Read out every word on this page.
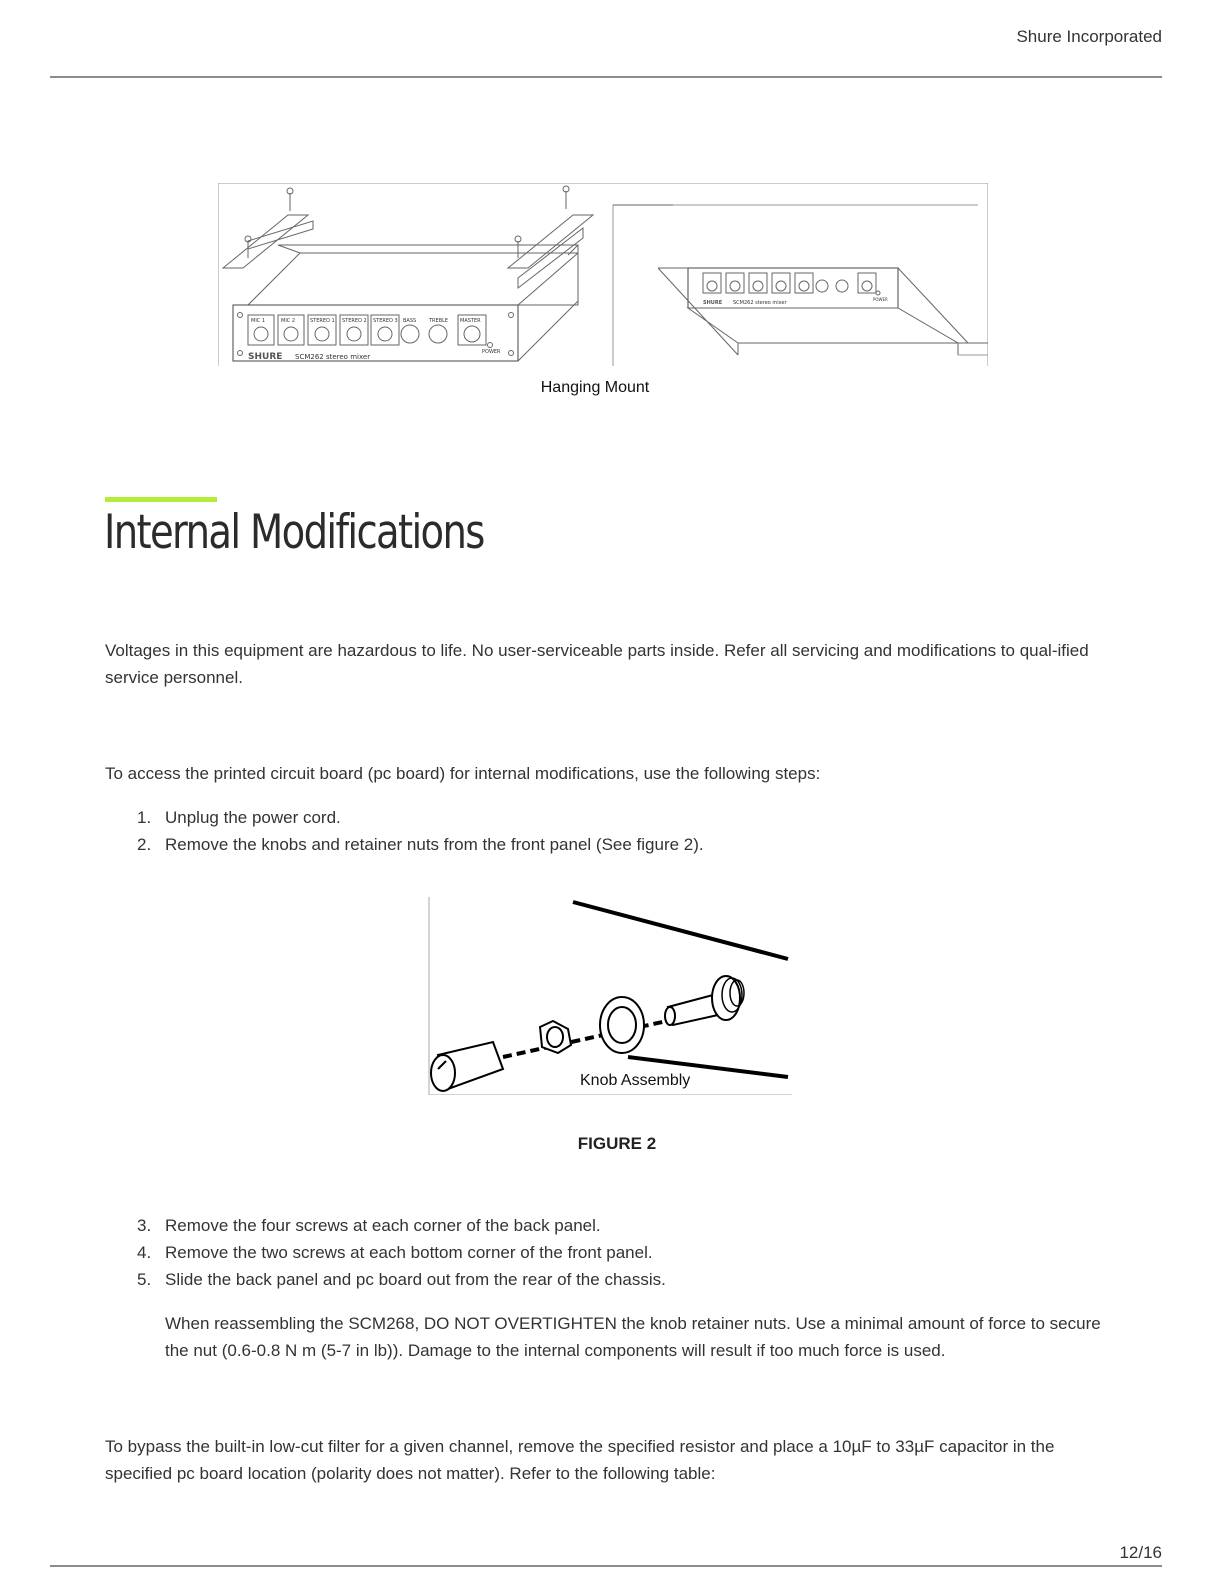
Shure Incorporated
MIC 1	MIC 2	STEREO 1 STEREO 2 STEREO 3 BASS	TREBLE MASTER
SHURE SCM262 stereo mixer
POWER
SHURE SCM262 stereo mixer
POWER
Hanging Mount
Internal Modifications

Voltages in this equipment are hazardous to life. No user-serviceable parts inside. Refer all servicing and modifications to qual-ified service personnel.

To access the printed circuit board (pc board) for internal modifications, use the following steps:

1. Unplug the power cord.
2. Remove the knobs and retainer nuts from the front panel (See figure 2).
Knob Assembly
FIGURE 2
3. Remove the four screws at each corner of the back panel.
4. Remove the two screws at each bottom corner of the front panel.
5. Slide the back panel and pc board out from the rear of the chassis.

When reassembling the SCM268, DO NOT OVERTIGHTEN the knob retainer nuts. Use a minimal amount of force to secure the nut (0.6-0.8 N m (5-7 in lb)). Damage to the internal components will result if too much force is used.

To bypass the built-in low-cut filter for a given channel, remove the specified resistor and place a 10µF to 33µF capacitor in the specified pc board location (polarity does not matter). Refer to the following table:

12/16
